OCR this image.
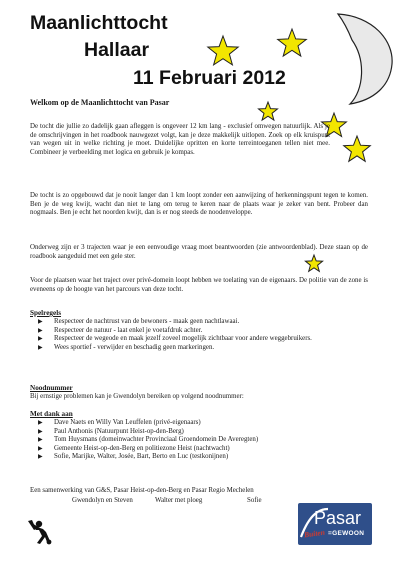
Maanlichttocht
Hallaar
11 Februari 2012
Welkom op de Maanlichttocht van Pasar
De tocht die jullie zo dadelijk gaan afleggen is ongeveer 12 km lang - exclusief omwegen natuurlijk. Als je de omschrijvingen in het roadbook nauwgezet volgt, kan je deze makkelijk uitlopen. Zoek op elk kruispunt van wegen uit in welke richting je moet. Duidelijke opritten en korte terreintoeganen tellen niet mee. Combineer je verbeelding met logica en gebruik je kompas.
De tocht is zo opgebouwd dat je nooit langer dan 1 km loopt zonder een aanwijzing of herkenningspunt tegen te komen. Ben je de weg kwijt, wacht dan niet te lang om terug te keren naar de plaats waar je zeker van bent. Probeer dan nogmaals. Ben je echt het noorden kwijt, dan is er nog steeds de noodenveloppe.
Onderweg zijn er 3 trajecten waar je een eenvoudige vraag moet beantwoorden (zie antwoordenblad). Deze staan op de roadbook aangeduid met een gele ster.
Voor de plaatsen waar het traject over privé-domein loopt hebben we toelating van de eigenaars. De politie van de zone is eveneens op de hoogte van het parcours van deze tocht.
Spelregels
▶ Respecteer de nachtrust van de bewoners - maak geen nachtlawaai.
▶ Respecteer de natuur - laat enkel je voetafdruk achter.
▶ Respecteer de wegeode en maak jezelf zoveel mogelijk zichtbaar voor andere weggebruikers.
▶ Wees sportief - verwijder en beschadig geen markeringen.
Noodnummer
Bij ernstige problemen kan je Gwendolyn bereiken op volgend noodnummer:
Met dank aan
▶ Dave Naets en Willy Van Leuffelen (privé-eigenaars)
▶ Paul Anthonis (Natuurpunt Heist-op-den-Berg)
▶ Tom Huysmans (domeinwachter Provinciaal Groendomein De Averegten)
▶ Gemeente Heist-op-den-Berg en politiezone Heist (nachtwacht)
▶ Sofie, Marijke, Walter, Josée, Bart, Berto en Luc (testkonijnen)
Een samenwerking van G&S, Pasar Heist-op-den-Berg en Pasar Regio Mechelen
Gwendolyn en Steven	Walter met ploeg	Sofie
Pasar
Buiten =GEWOON
